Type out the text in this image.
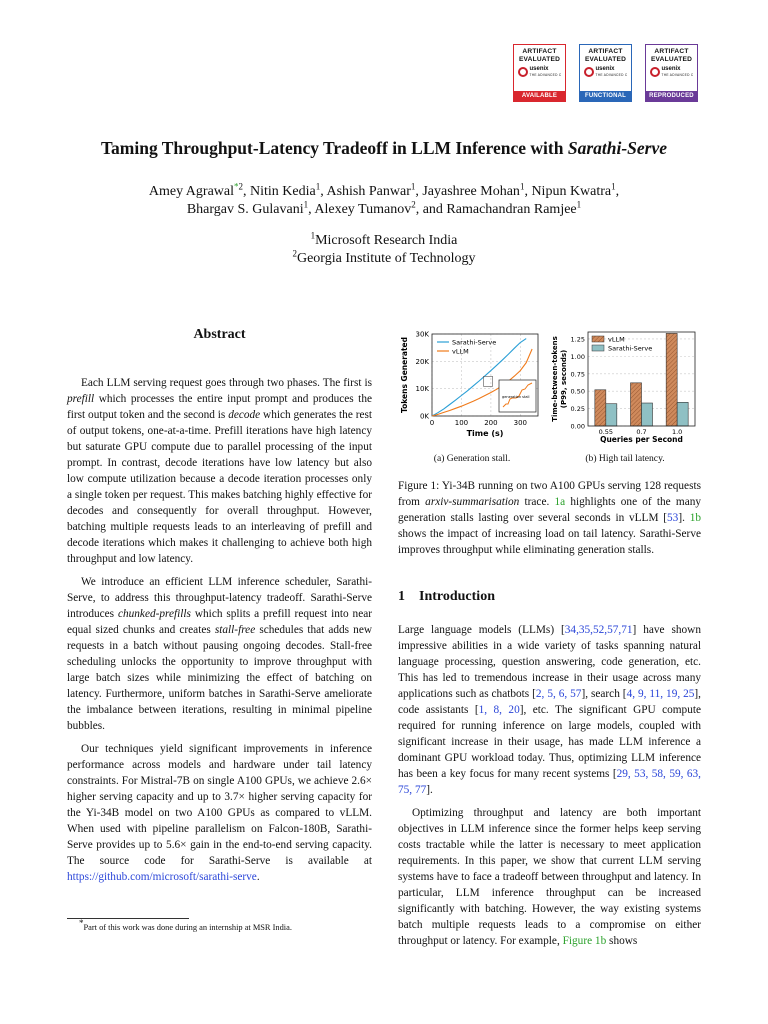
ARTIFACT
EVALUATED
usenix
THE ADVANCED C
AVAILABLE
ARTIFACT
EVALUATED
usenix
THE ADVANCED C
FUNCTIONAL
ARTIFACT
EVALUATED
usenix
THE ADVANCED C
REPRODUCED
Taming Throughput-Latency Tradeoff in LLM Inference with Sarathi-Serve
Amey Agrawal$^{*2}$, Nitin Kedia$^1$, Ashish Panwar$^1$, Jayashree Mohan$^1$, Nipun Kwatra$^1$,
Bhargav S. Gulavani$^1$, Alexey Tumanov$^2$, and Ramachandran Ramjee$^1$
$^1$Microsoft Research India
$^2$Georgia Institute of Technology
Abstract

Each LLM serving request goes through two phases. The first is prefill which processes the entire input prompt and produces the first output token and the second is decode which generates the rest of output tokens, one-at-a-time. Prefill iterations have high latency but saturate GPU compute due to parallel processing of the input prompt. In contrast, decode iterations have low latency but also low compute utilization because a decode iteration processes only a single token per request. This makes batching highly effective for decodes and consequently for overall throughput. However, batching multiple requests leads to an interleaving of prefill and decode iterations which makes it challenging to achieve both high throughput and low latency.

We introduce an efficient LLM inference scheduler, Sarathi-Serve, to address this throughput-latency tradeoff. Sarathi-Serve introduces chunked-prefills which splits a prefill request into near equal sized chunks and creates stall-free schedules that adds new requests in a batch without pausing ongoing decodes. Stall-free scheduling unlocks the opportunity to improve throughput with large batch sizes while minimizing the effect of batching on latency. Furthermore, uniform batches in Sarathi-Serve ameliorate the imbalance between iterations, resulting in minimal pipeline bubbles.

Our techniques yield significant improvements in inference performance across models and hardware under tail latency constraints. For Mistral-7B on single A100 GPUs, we achieve 2.6× higher serving capacity and up to 3.7× higher serving capacity for the Yi-34B model on two A100 GPUs as compared to vLLM. When used with pipeline parallelism on Falcon-180B, Sarathi-Serve provides up to 5.6× gain in the end-to-end serving capacity. The source code for Sarathi-Serve is available at https://github.com/microsoft/sarathi-serve.

*Part of this work was done during an internship at MSR India.
0K
10K
20K
30K
0	100 200 300
Sarathi-Serve
vLLM
generation stall
Time (s)
Tokens Generated
0.00
0.25
0.50
0.75
1.00
1.25
0.55	0.7	1.0
vLLM
Sarathi-Serve
Queries per Second
Time-between-tokens (P99, seconds)
(a) Generation stall.	(b) High tail latency.

Figure 1: Yi-34B running on two A100 GPUs serving 128 requests from arxiv-summarisation trace. 1a highlights one of the many generation stalls lasting over several seconds in vLLM [53]. 1b shows the impact of increasing load on tail latency. Sarathi-Serve improves throughput while eliminating generation stalls.

1 Introduction

Large language models (LLMs) [34,35,52,57,71] have shown impressive abilities in a wide variety of tasks spanning natural language processing, question answering, code generation, etc. This has led to tremendous increase in their usage across many applications such as chatbots [2, 5, 6, 57], search [4, 9, 11, 19, 25], code assistants [1, 8, 20], etc. The significant GPU compute required for running inference on large models, coupled with significant increase in their usage, has made LLM inference a dominant GPU workload today. Thus, optimizing LLM inference has been a key focus for many recent systems [29, 53, 58, 59, 63, 75, 77].

Optimizing throughput and latency are both important objectives in LLM inference since the former helps keep serving costs tractable while the latter is necessary to meet application requirements. In this paper, we show that current LLM serving systems have to face a tradeoff between throughput and latency. In particular, LLM inference throughput can be increased significantly with batching. However, the way existing systems batch multiple requests leads to a compromise on either throughput or latency. For example, Figure 1b shows
